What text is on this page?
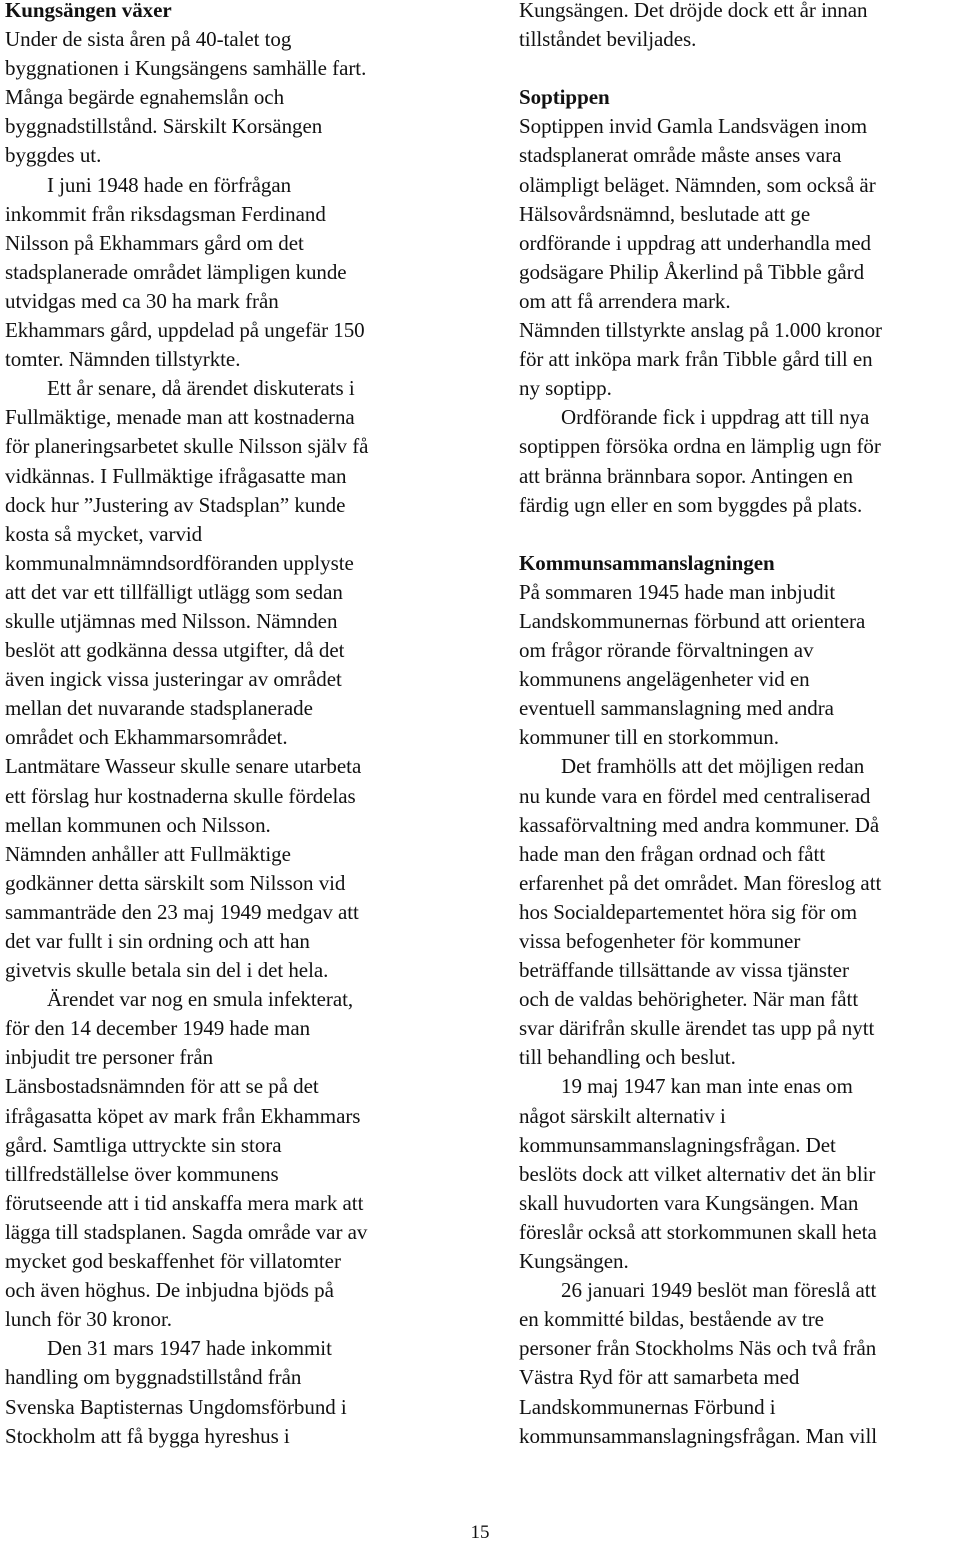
Kungsängen växer
Under de sista åren på 40-talet tog
byggnationen i Kungsängens samhälle fart.
Många begärde egnahemslån och
byggnadstillstånd. Särskilt Korsängen
byggdes ut.
I juni 1948 hade en förfrågan
inkommit från riksdagsman Ferdinand
Nilsson på Ekhammars gård om det
stadsplanerade området lämpligen kunde
utvidgas med ca 30 ha mark från
Ekhammars gård, uppdelad på ungefär 150
tomter. Nämnden tillstyrkte.
Ett år senare, då ärendet diskuterats i
Fullmäktige, menade man att kostnaderna
för planeringsarbetet skulle Nilsson själv få
vidkännas. I Fullmäktige ifrågasatte man
dock hur ”Justering av Stadsplan” kunde
kosta så mycket, varvid
kommunalmnämndsordföranden upplyste
att det var ett tillfälligt utlägg som sedan
skulle utjämnas med Nilsson. Nämnden
beslöt att godkänna dessa utgifter, då det
även ingick vissa justeringar av området
mellan det nuvarande stadsplanerade
området och Ekhammarsområdet.
Lantmätare Wasseur skulle senare utarbeta
ett förslag hur kostnaderna skulle fördelas
mellan kommunen och Nilsson.
Nämnden anhåller att Fullmäktige
godkänner detta särskilt som Nilsson vid
sammanträde den 23 maj 1949 medgav att
det var fullt i sin ordning och att han
givetvis skulle betala sin del i det hela.
Ärendet var nog en smula infekterat,
för den 14 december 1949 hade man
inbjudit tre personer från
Länsbostadsnämnden för att se på det
ifrågasatta köpet av mark från Ekhammars
gård. Samtliga uttryckte sin stora
tillfredställelse över kommunens
förutseende att i tid anskaffa mera mark att
lägga till stadsplanen. Sagda område var av
mycket god beskaffenhet för villatomter
och även höghus. De inbjudna bjöds på
lunch för 30 kronor.
Den 31 mars 1947 hade inkommit
handling om byggnadstillstånd från
Svenska Baptisternas Ungdomsförbund i
Stockholm att få bygga hyreshus i
Kungsängen. Det dröjde dock ett år innan
tillståndet beviljades.
Soptippen
Soptippen invid Gamla Landsvägen inom
stadsplanerat område måste anses vara
olämpligt beläget. Nämnden, som också är
Hälsovårdsnämnd, beslutade att ge
ordförande i uppdrag att underhandla med
godsägare Philip Åkerlind på Tibble gård
om att få arrendera mark.
Nämnden tillstyrkte anslag på 1.000 kronor
för att inköpa mark från Tibble gård till en
ny soptipp.
Ordförande fick i uppdrag att till nya
soptippen försöka ordna en lämplig ugn för
att bränna brännbara sopor. Antingen en
färdig ugn eller en som byggdes på plats.
Kommunsammanslagningen
På sommaren 1945 hade man inbjudit
Landskommunernas förbund att orientera
om frågor rörande förvaltningen av
kommunens angelägenheter vid en
eventuell sammanslagning med andra
kommuner till en storkommun.
Det framhölls att det möjligen redan
nu kunde vara en fördel med centraliserad
kassaförvaltning med andra kommuner. Då
hade man den frågan ordnad och fått
erfarenhet på det området. Man föreslog att
hos Socialdepartementet höra sig för om
vissa befogenheter för kommuner
beträffande tillsättande av vissa tjänster
och de valdas behörigheter. När man fått
svar därifrån skulle ärendet tas upp på nytt
till behandling och beslut.
19 maj 1947 kan man inte enas om
något särskilt alternativ i
kommunsammanslagningsfrågan. Det
beslöts dock att vilket alternativ det än blir
skall huvudorten vara Kungsängen. Man
föreslår också att storkommunen skall heta
Kungsängen.
26 januari 1949 beslöt man föreslå att
en kommitté bildas, bestående av tre
personer från Stockholms Näs och två från
Västra Ryd för att samarbeta med
Landskommunernas Förbund i
kommunsammanslagningsfrågan. Man vill
15
